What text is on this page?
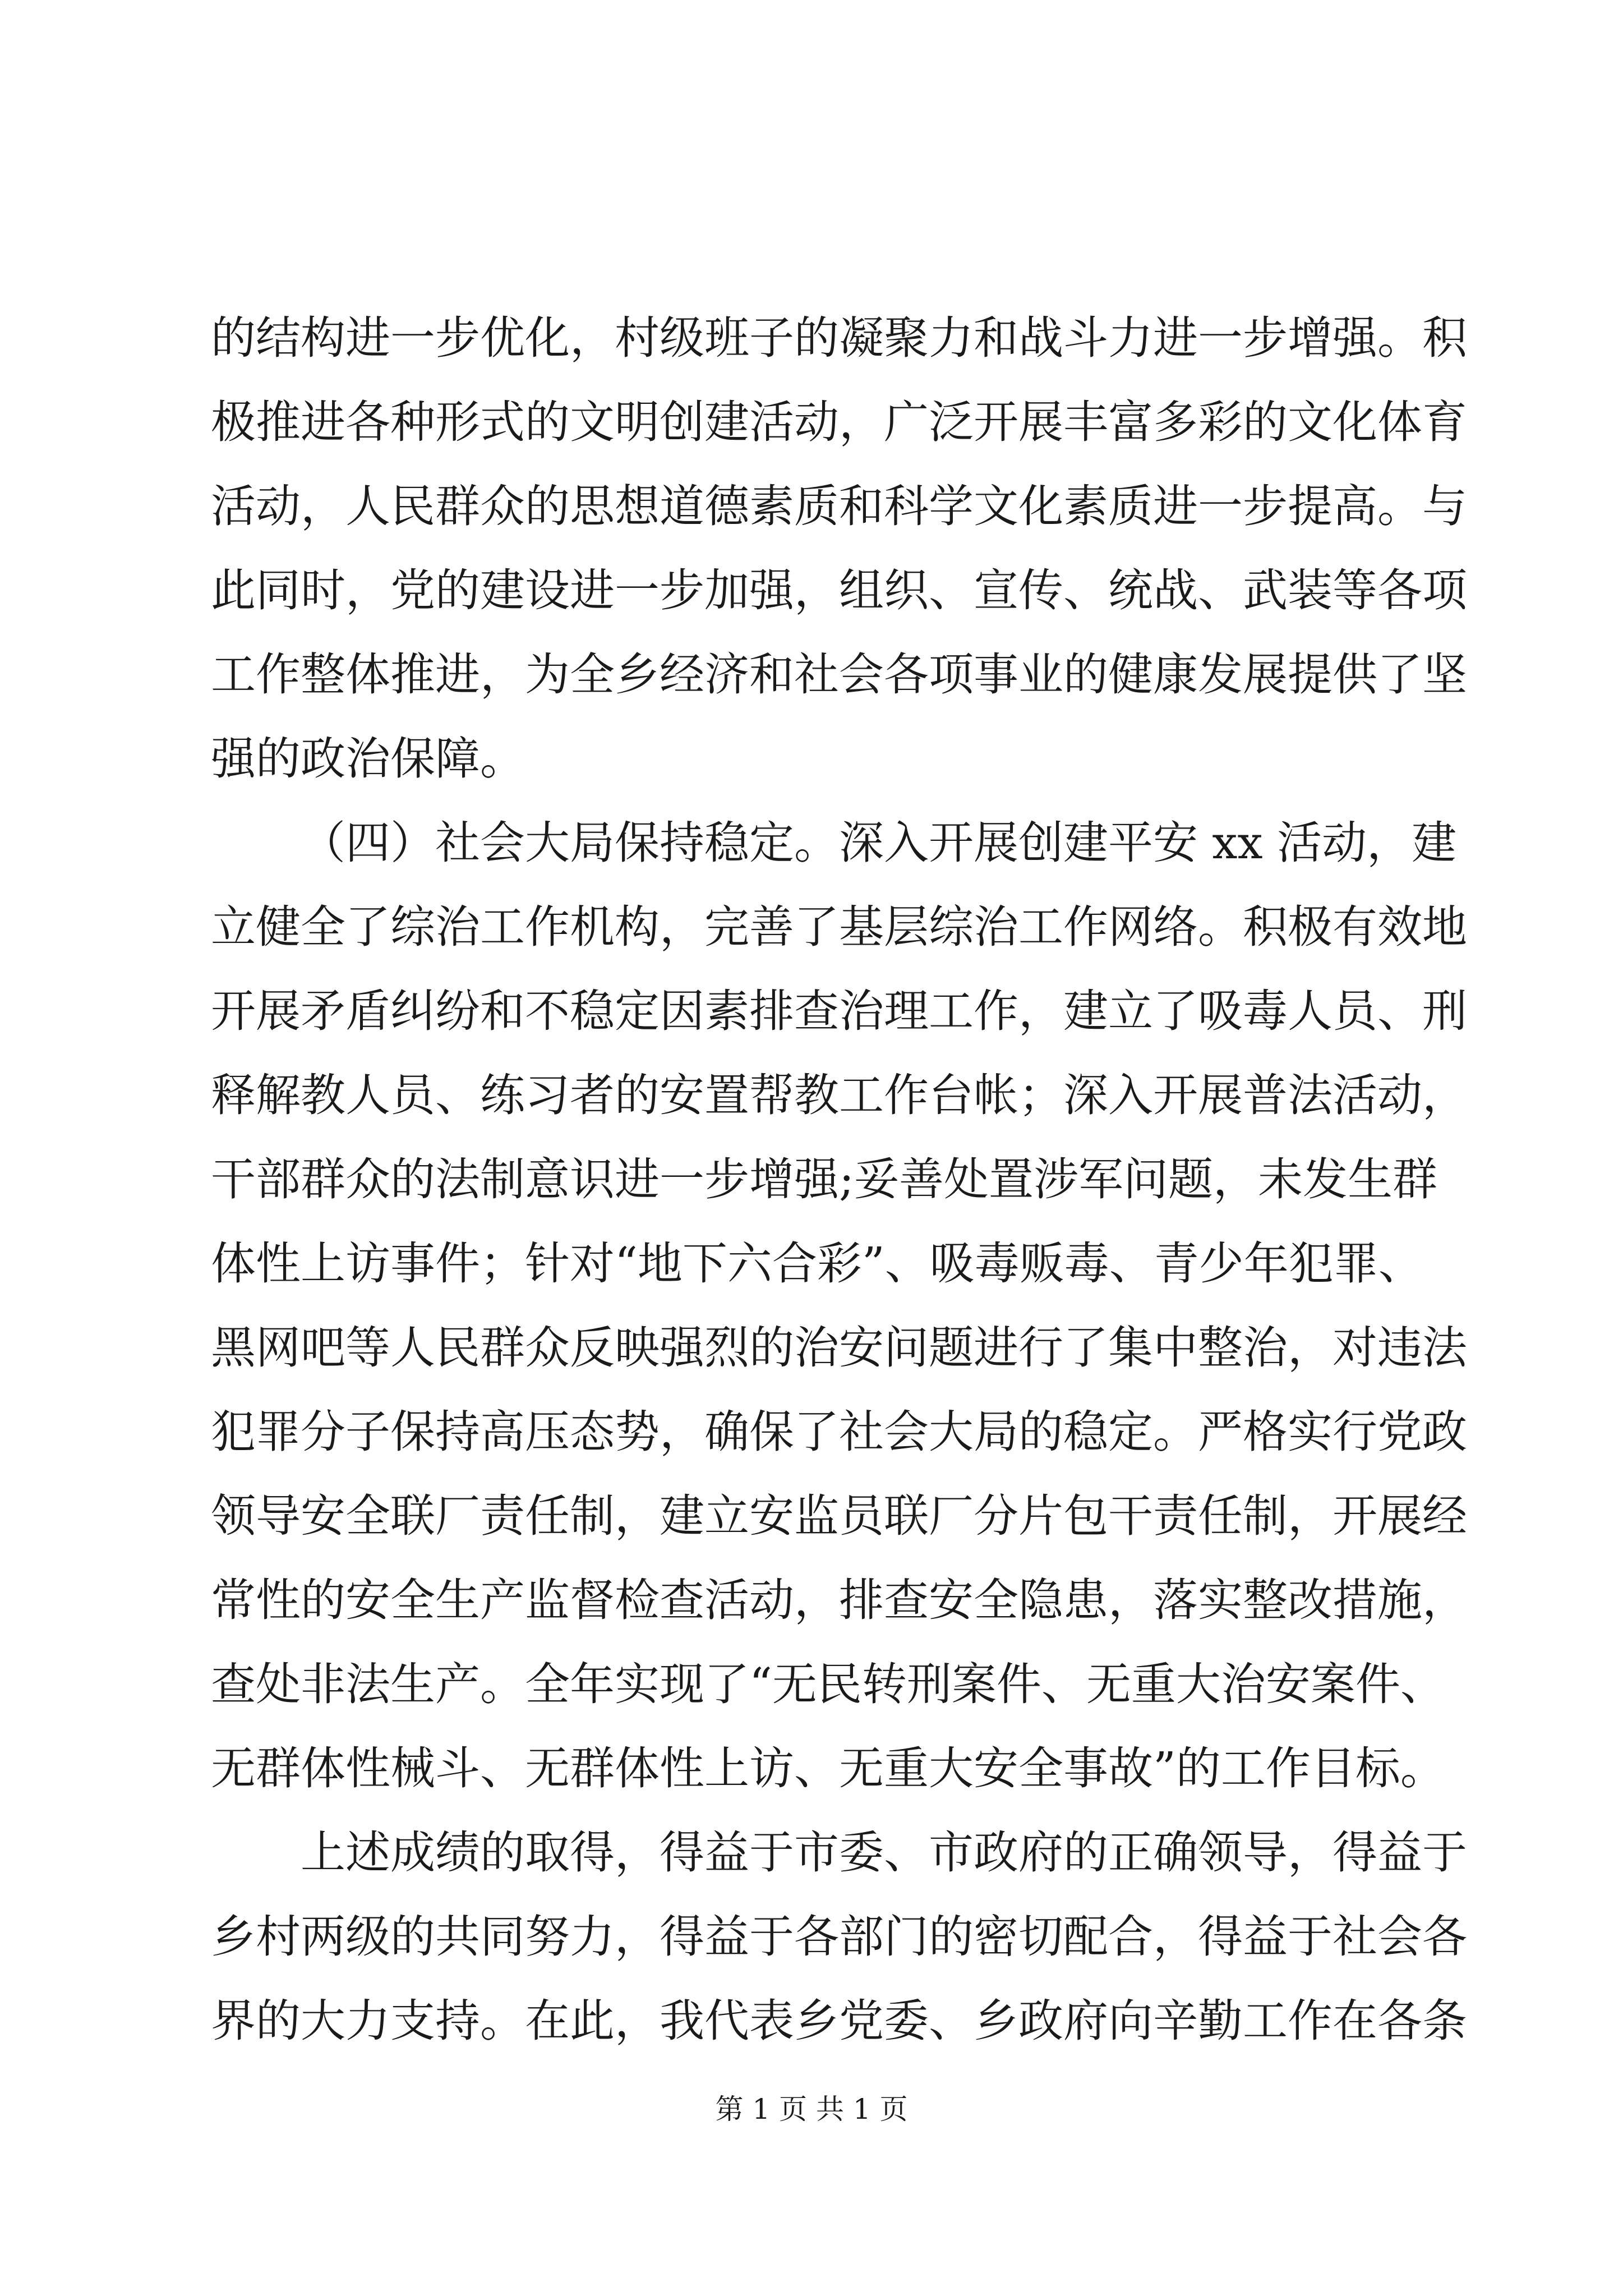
的结构进一步优化，村级班子的凝聚力和战斗力进一步增强。积
极推进各种形式的文明创建活动，广泛开展丰富多彩的文化体育
活动，人民群众的思想道德素质和科学文化素质进一步提高。与
此同时，党的建设进一步加强，组织、宣传、统战、武装等各项
工作整体推进，为全乡经济和社会各项事业的健康发展提供了坚
强的政治保障。
（四）社会大局保持稳定。深入开展创建平安 xx 活动，建
立健全了综治工作机构，完善了基层综治工作网络。积极有效地
开展矛盾纠纷和不稳定因素排查治理工作，建立了吸毒人员、刑
释解教人员、练习者的安置帮教工作台帐；深入开展普法活动，
干部群众的法制意识进一步增强;妥善处置涉军问题，未发生群
体性上访事件；针对“地下六合彩”、吸毒贩毒、青少年犯罪、
黑网吧等人民群众反映强烈的治安问题进行了集中整治，对违法
犯罪分子保持高压态势，确保了社会大局的稳定。严格实行党政
领导安全联厂责任制，建立安监员联厂分片包干责任制，开展经
常性的安全生产监督检查活动，排查安全隐患，落实整改措施，
查处非法生产。全年实现了“无民转刑案件、无重大治安案件、
无群体性械斗、无群体性上访、无重大安全事故”的工作目标。
上述成绩的取得，得益于市委、市政府的正确领导，得益于
乡村两级的共同努力，得益于各部门的密切配合，得益于社会各
界的大力支持。在此，我代表乡党委、乡政府向辛勤工作在各条
第 1 页 共 1 页
